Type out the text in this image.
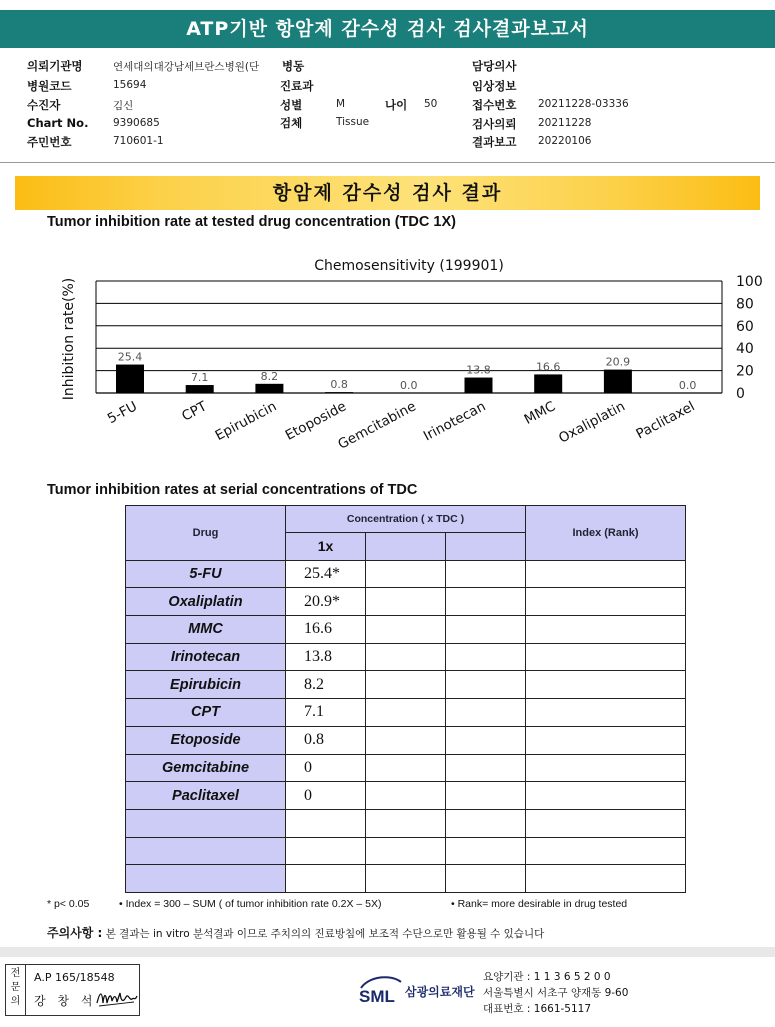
ATP기반 항암제 감수성 검사 검사결과보고서
의뢰기관명	연세대의대강남세브란스병원(단 병동	담당의사
병원코드	15694	진료과	임상정보
수진자	김신	성별	M	나이 50	접수번호 20211228-03336
Chart No. 9390685	검체	Tissue	검사의뢰 20211228
주민번호	710601-1	결과보고 20220106
항암제 감수성 검사 결과
Tumor inhibition rate at tested drug concentration (TDC 1X)
Chemosensitivity (199901)
100
80
60
40
20
0
Inhibition rate(%)	25.4
5-FU
7.1
CPT
8.2
Epirubicin
0.8
Etoposide
0.0
Gemcitabine
13.8
Irinotecan
16.6
MMC
20.9
Oxaliplatin
0.0
Paclitaxel
Tumor inhibition rates at serial concentrations of TDC
Drug	Concentration ( x TDC )			Index (Rank)
	1x			
5-FU	25.4*			
Oxaliplatin	20.9*			
MMC	16.6			
Irinotecan	13.8			
Epirubicin	8.2			
CPT	7.1			
Etoposide	0.8			
Gemcitabine	0			
Paclitaxel	0			

* p< 0.05	• Index = 300 – SUM ( of tumor inhibition rate 0.2X – 5X)	• Rank= more desirable in drug tested
주의사항 : 본 결과는 in vitro 분석결과 이므로 주치의의 진료방침에 보조적 수단으로만 활용될 수 있습니다
전문의
A.P 165/18548
강 창 석	SML 삼광의료재단
요양기관 : 1 1 3 6 5 2 0 0
서울특별시 서초구 양재동 9-60
대표번호 : 1661-5117
